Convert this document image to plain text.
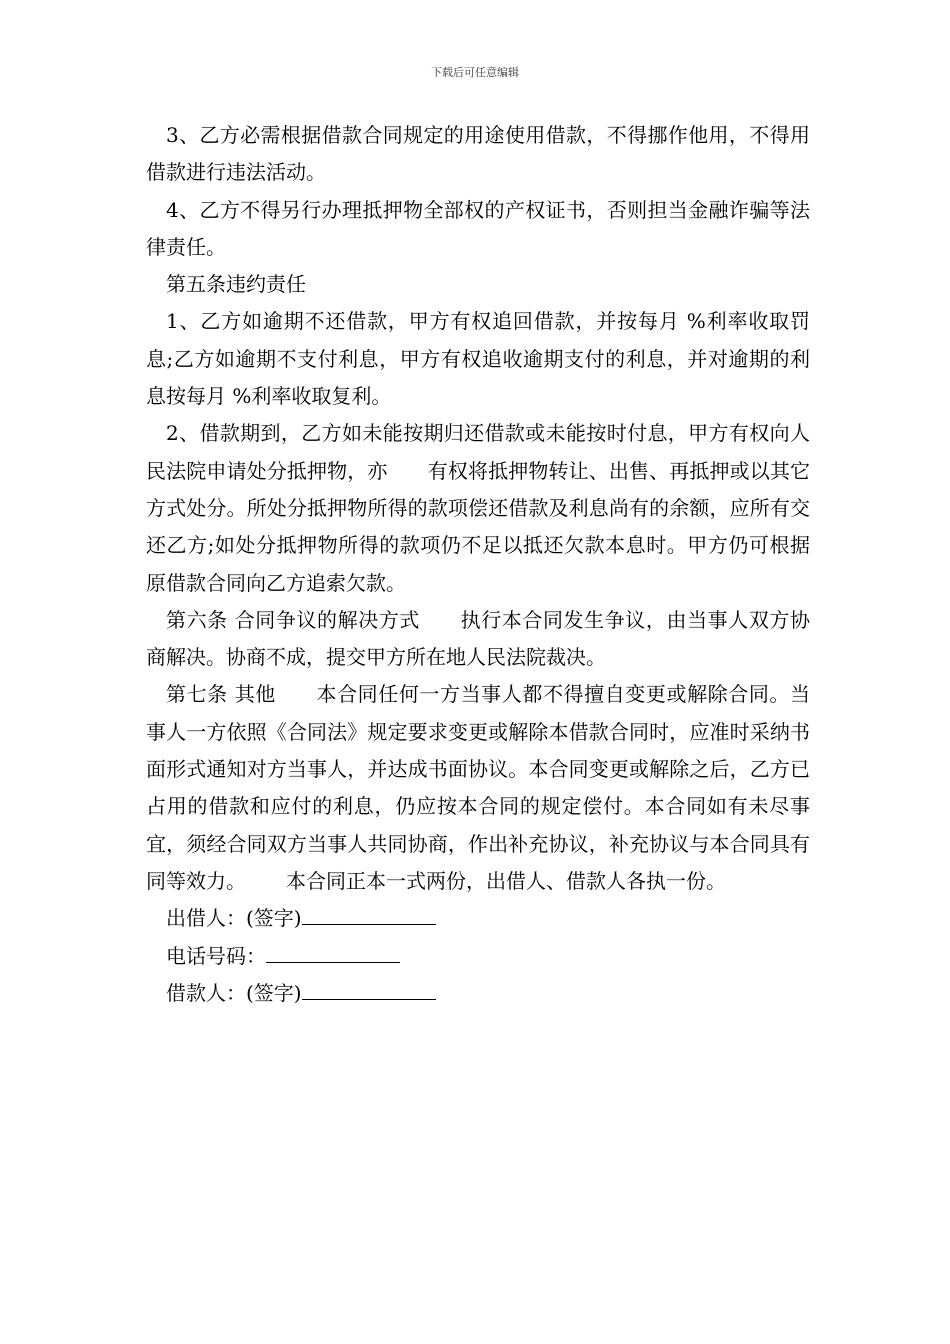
下载后可任意编辑

3、乙方必需根据借款合同规定的用途使用借款，不得挪作他用，不得用借款进行违法活动。

4、乙方不得另行办理抵押物全部权的产权证书，否则担当金融诈骗等法律责任。

第五条违约责任

1、乙方如逾期不还借款，甲方有权追回借款，并按每月 %利率收取罚息;乙方如逾期不支付利息，甲方有权追收逾期支付的利息，并对逾期的利息按每月 %利率收取复利。

2、借款期到，乙方如未能按期归还借款或未能按时付息，甲方有权向人民法院申请处分抵押物，亦 有权将抵押物转让、出售、再抵押或以其它方式处分。所处分抵押物所得的款项偿还借款及利息尚有的余额，应所有交还乙方;如处分抵押物所得的款项仍不足以抵还欠款本息时。甲方仍可根据原借款合同向乙方追索欠款。

第六条 合同争议的解决方式 执行本合同发生争议，由当事人双方协商解决。协商不成，提交甲方所在地人民法院裁决。

第七条 其他 本合同任何一方当事人都不得擅自变更或解除合同。当事人一方依照《合同法》规定要求变更或解除本借款合同时，应准时采纳书面形式通知对方当事人，并达成书面协议。本合同变更或解除之后，乙方已占用的借款和应付的利息，仍应按本合同的规定偿付。本合同如有未尽事宜，须经合同双方当事人共同协商，作出补充协议，补充协议与本合同具有同等效力。 本合同正本一式两份，出借人、借款人各执一份。

出借人：(签字)

电话号码：

借款人：(签字)
